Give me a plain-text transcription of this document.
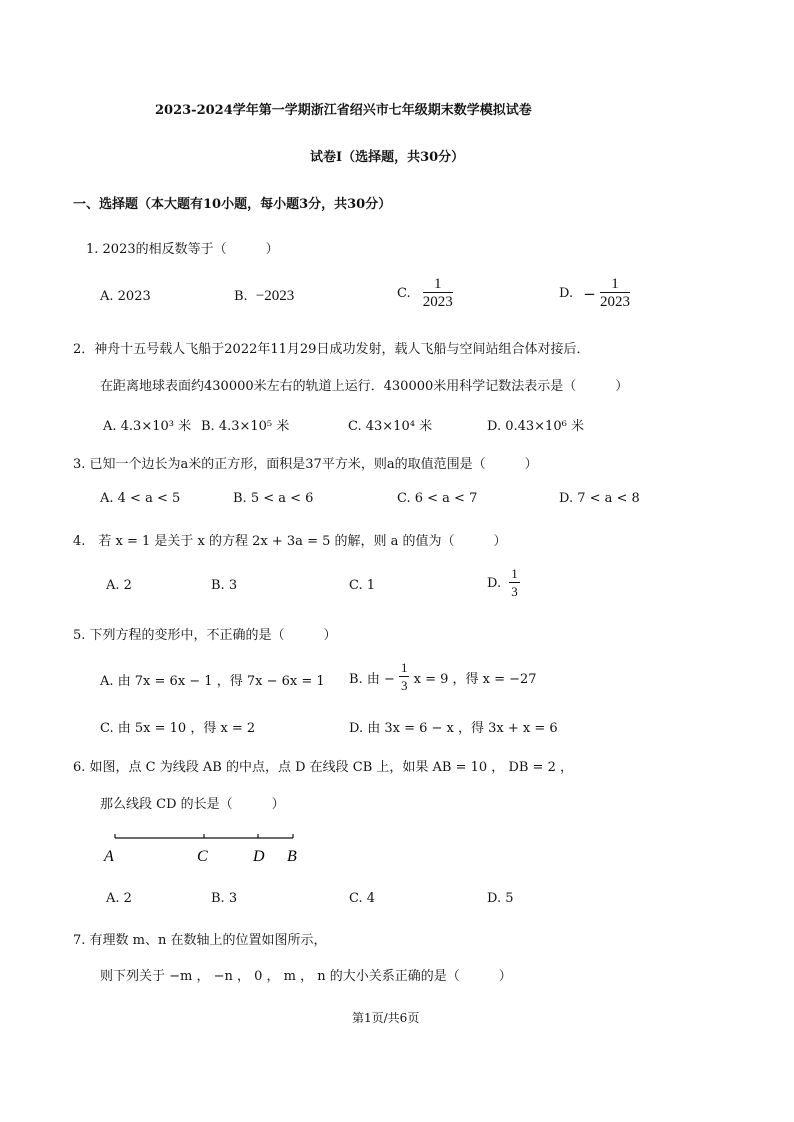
2023-2024学年第一学期浙江省绍兴市七年级期末数学模拟试卷
试卷Ⅰ（选择题，共30分）
一、选择题（本大题有10小题，每小题3分，共30分）
1. 2023的相反数等于（　　　）
A. 2023	B. −2023	C. $\frac{1}{2023}$	D. − $\frac{1}{2023}$
2．神舟十五号载人飞船于2022年11月29日成功发射，载人飞船与空间站组合体对接后．
在距离地球表面约430000米左右的轨道上运行．430000米用科学记数法表示是（　　　）
A. 4.3×10³ 米 B. 4.3×10⁵ 米	C. 43×10⁴ 米	D. 0.43×10⁶ 米
3. 已知一个边长为a米的正方形，面积是37平方米，则a的取值范围是（　　　）
A. 4 < a < 5	B. 5 < a < 6	C. 6 < a < 7	D. 7 < a < 8
4.　若 x = 1 是关于 x 的方程 2x + 3a = 5 的解，则 a 的值为（　　　）
A. 2	B. 3	C. 1	D. $\frac{1}{3}$
5. 下列方程的变形中，不正确的是（　　　）
A. 由 7x = 6x − 1 ，得 7x − 6x = 1 B. 由 − $\frac{1}{3}$ x = 9 ，得 x = −27
C. 由 5x = 10 ，得 x = 2	D. 由 3x = 6 − x ，得 3x + x = 6
6. 如图，点 C 为线段 AB 的中点，点 D 在线段 CB 上，如果 AB = 10 ， DB = 2 ，
那么线段 CD 的长是（　　　）
A	C	D B
A. 2	B. 3	C. 4	D. 5
7. 有理数 m、n 在数轴上的位置如图所示，
则下列关于 −m ， −n ， 0 ， m ， n 的大小关系正确的是（　　　）
第1页/共6页
